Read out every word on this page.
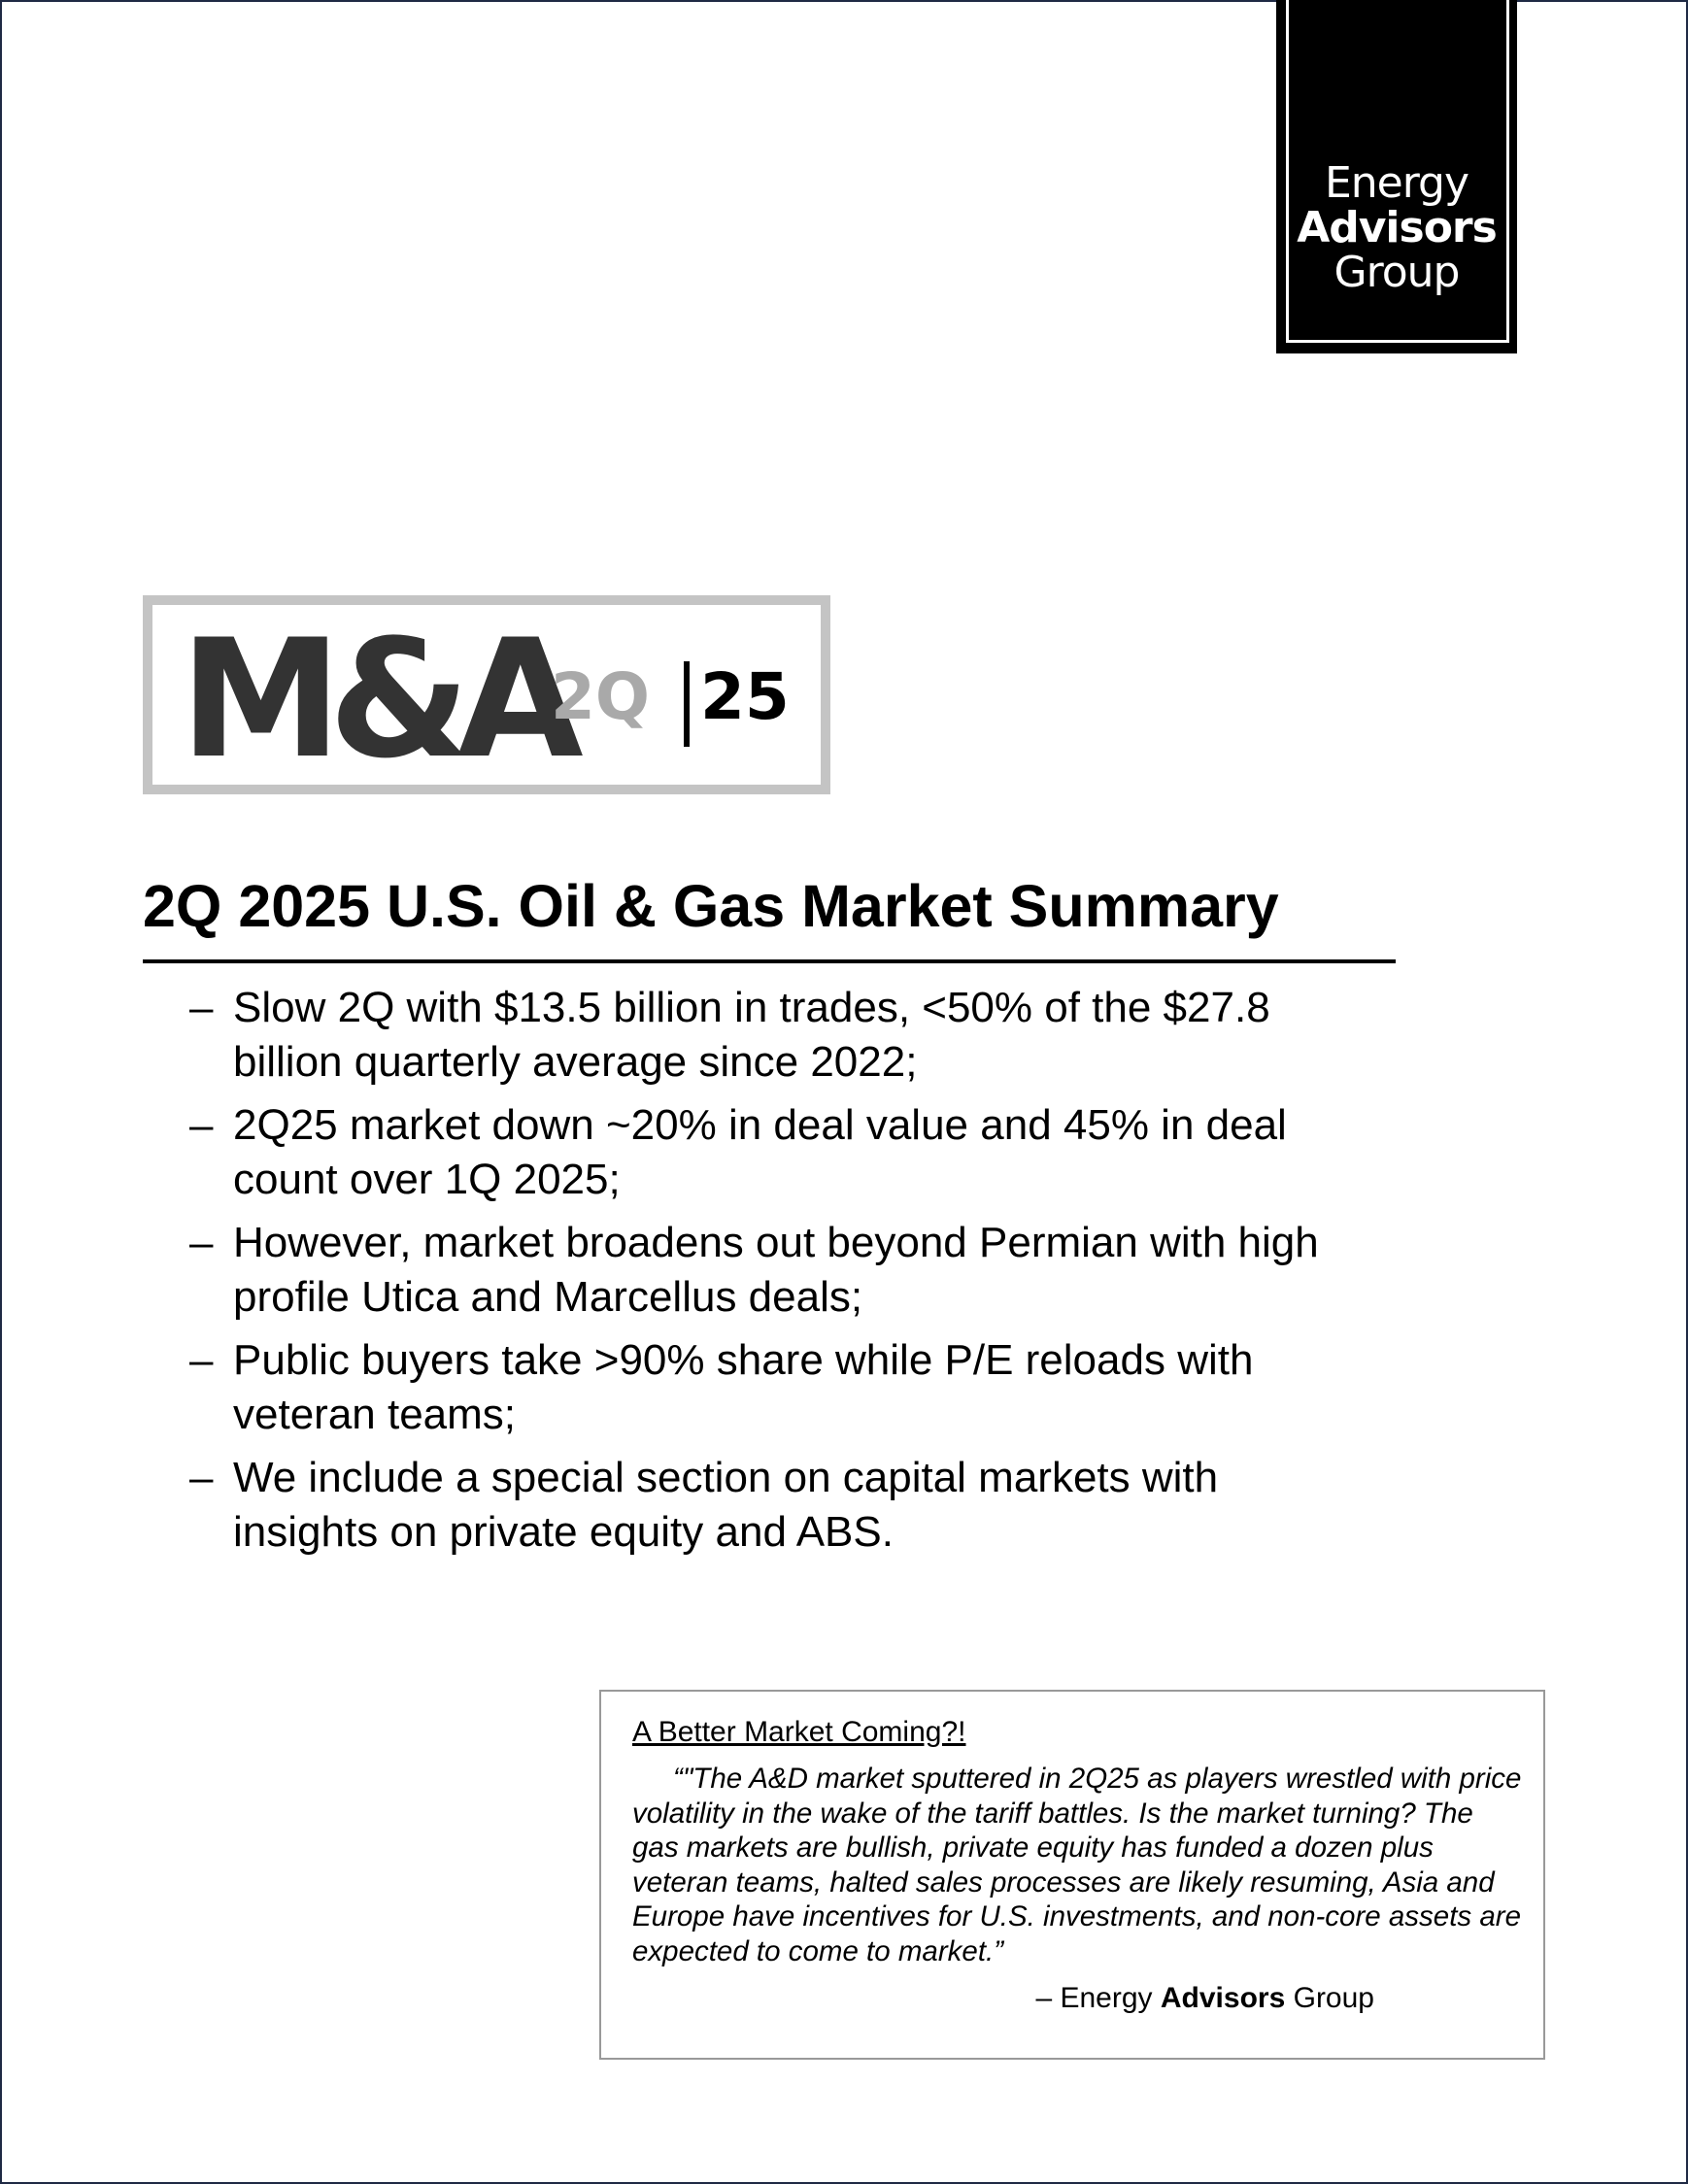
Energy
Advisors
Group
M&A
2Q 25
2Q 2025 U.S. Oil & Gas Market Summary
– Slow 2Q with $13.5 billion in trades, <50% of the $27.8 billion quarterly average since 2022;
– 2Q25 market down ~20% in deal value and 45% in deal count over 1Q 2025;
– However, market broadens out beyond Permian with high profile Utica and Marcellus deals;
– Public buyers take >90% share while P/E reloads with veteran teams;
– We include a special section on capital markets with insights on private equity and ABS.
A Better Market Coming?!

“"The A&D market sputtered in 2Q25 as players wrestled with price volatility in the wake of the tariff battles. Is the market turning? The gas markets are bullish, private equity has funded a dozen plus veteran teams, halted sales processes are likely resuming, Asia and Europe have incentives for U.S. investments, and non-core assets are expected to come to market.”

– Energy Advisors Group
